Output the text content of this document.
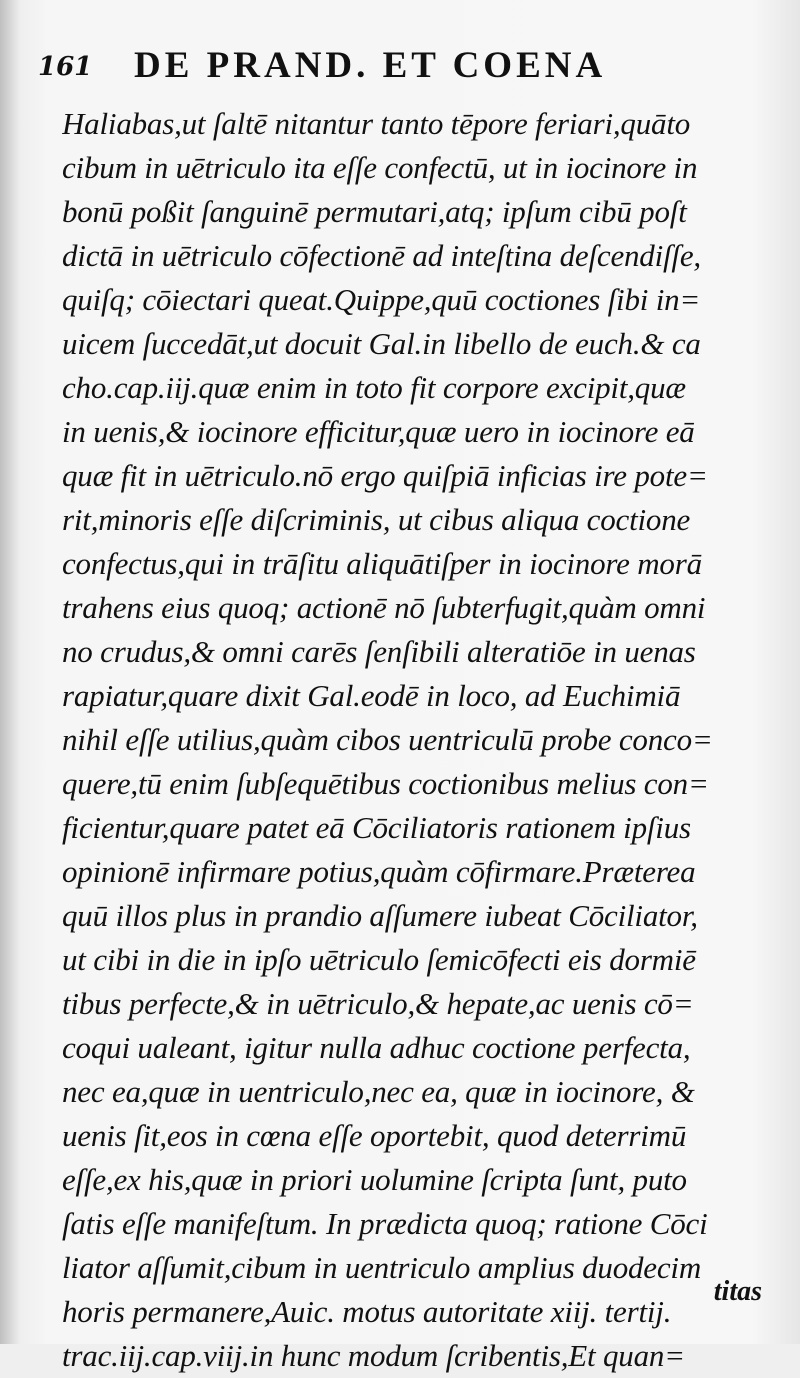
161 DE PRAND. ET COENA
Haliabas,ut ſaltē nitantur tanto tēpore feriari,quāto
cibum in uētriculo ita eſſe confectū, ut in iocinore in
bonū poßit ſanguinē permutari,atq; ipſum cibū poſt
dictā in uētriculo cōfectionē ad inteſtina deſcendiſſe,
quiſq; cōiectari queat.Quippe,quū coctiones ſibi in=
uicem ſuccedāt,ut docuit Gal.in libello de euch.& ca
cho.cap.iij.quæ enim in toto fit corpore excipit,quæ
in uenis,& iocinore efficitur,quæ uero in iocinore eā
quæ fit in uētriculo.nō ergo quiſpiā inficias ire pote=
rit,minoris eſſe diſcriminis, ut cibus aliqua coctione
confectus,qui in trāſitu aliquātiſper in iocinore morā
trahens eius quoq; actionē nō ſubterfugit,quàm omni
no crudus,& omni carēs ſenſibili alteratiōe in uenas
rapiatur,quare dixit Gal.eodē in loco, ad Euchimiā
nihil eſſe utilius,quàm cibos uentriculū probe conco=
quere,tū enim ſubſequētibus coctionibus melius con=
ficientur,quare patet eā Cōciliatoris rationem ipſius
opinionē infirmare potius,quàm cōfirmare.Præterea
quū illos plus in prandio aſſumere iubeat Cōciliator,
ut cibi in die in ipſo uētriculo ſemicōfecti eis dormiē
tibus perfecte,& in uētriculo,& hepate,ac uenis cō=
coqui ualeant, igitur nulla adhuc coctione perfecta,
nec ea,quæ in uentriculo,nec ea, quæ in iocinore, &
uenis ſit,eos in cœna eſſe oportebit, quod deterrimū
eſſe,ex his,quæ in priori uolumine ſcripta ſunt, puto
ſatis eſſe manifeſtum. In prædicta quoq; ratione Cōci
liator aſſumit,cibum in uentriculo amplius duodecim
horis permanere,Auic. motus autoritate xiij. tertij.
trac.iij.cap.viij.in hunc modum ſcribentis,Et quan=
titas
